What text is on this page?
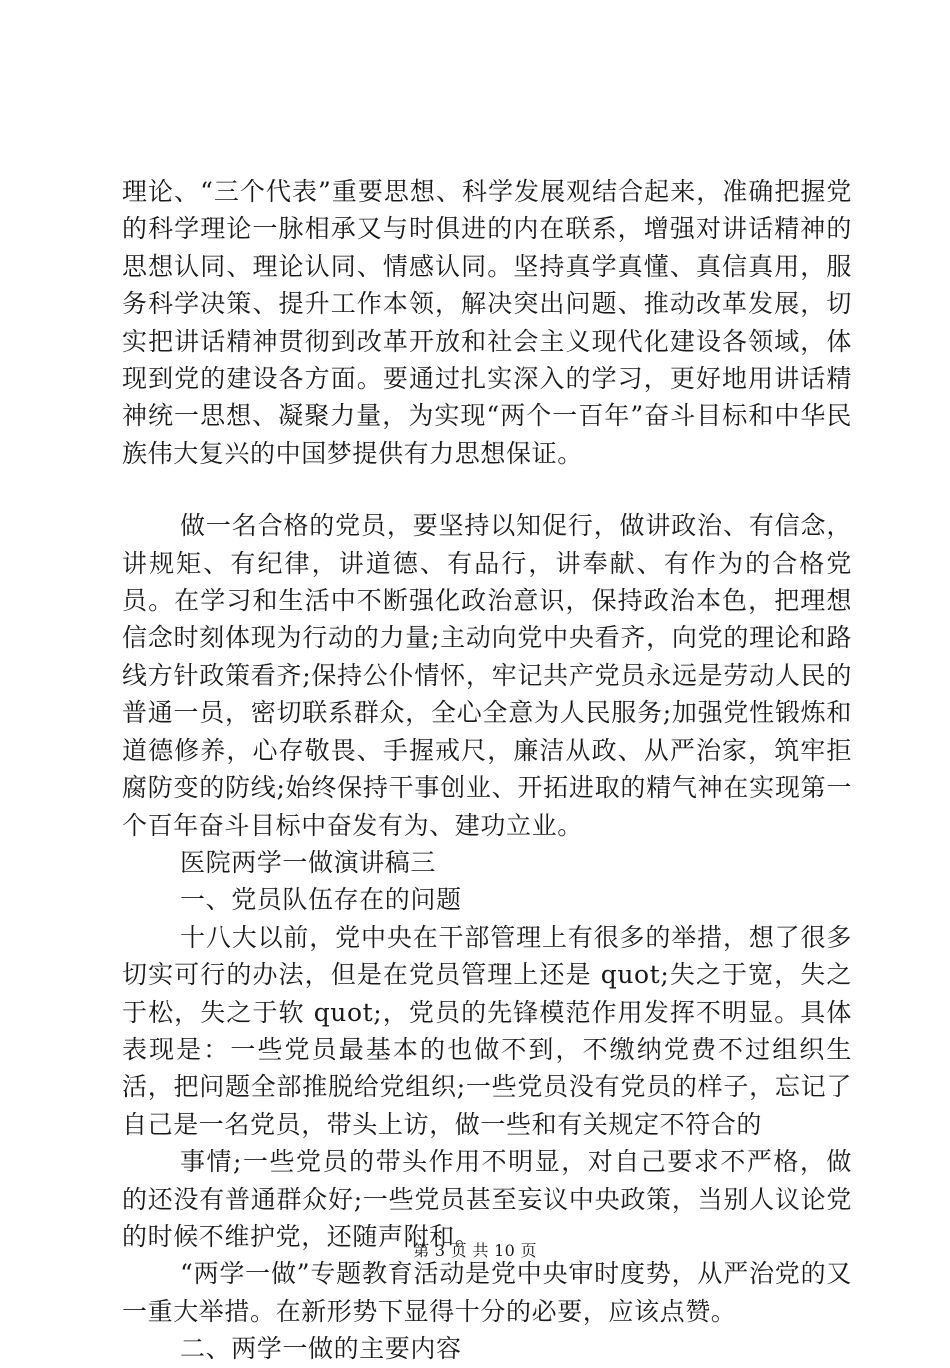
理论、“三个代表”重要思想、科学发展观结合起来，准确把握党的科学理论一脉相承又与时俱进的内在联系，增强对讲话精神的思想认同、理论认同、情感认同。坚持真学真懂、真信真用，服务科学决策、提升工作本领，解决突出问题、推动改革发展，切实把讲话精神贯彻到改革开放和社会主义现代化建设各领域，体现到党的建设各方面。要通过扎实深入的学习，更好地用讲话精神统一思想、凝聚力量，为实现“两个一百年”奋斗目标和中华民族伟大复兴的中国梦提供有力思想保证。

做一名合格的党员，要坚持以知促行，做讲政治、有信念，讲规矩、有纪律，讲道德、有品行，讲奉献、有作为的合格党员。在学习和生活中不断强化政治意识，保持政治本色，把理想信念时刻体现为行动的力量;主动向党中央看齐，向党的理论和路线方针政策看齐;保持公仆情怀，牢记共产党员永远是劳动人民的普通一员，密切联系群众，全心全意为人民服务;加强党性锻炼和道德修养，心存敬畏、手握戒尺，廉洁从政、从严治家，筑牢拒腐防变的防线;始终保持干事创业、开拓进取的精气神在实现第一个百年奋斗目标中奋发有为、建功立业。

医院两学一做演讲稿三

一、党员队伍存在的问题

十八大以前，党中央在干部管理上有很多的举措，想了很多切实可行的办法，但是在党员管理上还是 quot;失之于宽，失之于松，失之于软 quot;，党员的先锋模范作用发挥不明显。具体表现是：一些党员最基本的也做不到，不缴纳党费不过组织生活，把问题全部推脱给党组织;一些党员没有党员的样子，忘记了自己是一名党员，带头上访，做一些和有关规定不符合的

事情;一些党员的带头作用不明显，对自己要求不严格，做的还没有普通群众好;一些党员甚至妄议中央政策，当别人议论党的时候不维护党，还随声附和。

“两学一做”专题教育活动是党中央审时度势，从严治党的又一重大举措。在新形势下显得十分的必要，应该点赞。

二、两学一做的主要内容

第 3 页 共 10 页
